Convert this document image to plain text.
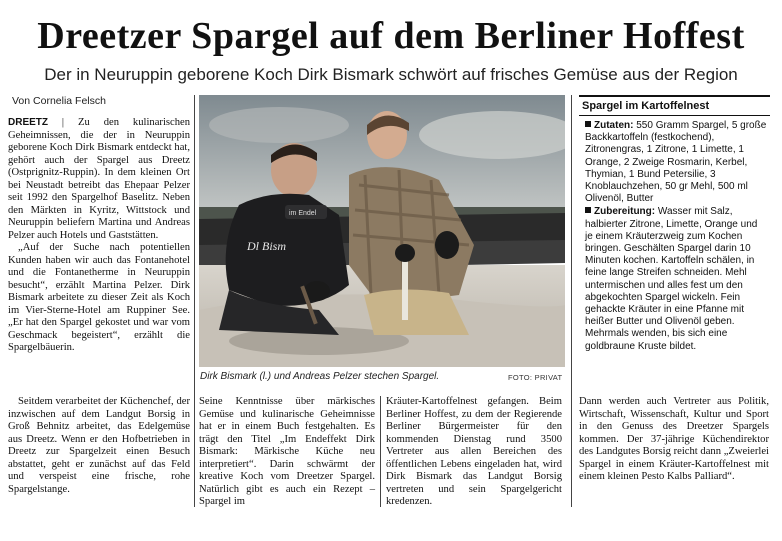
Dreetzer Spargel auf dem Berliner Hoffest
Der in Neuruppin geborene Koch Dirk Bismark schwört auf frisches Gemüse aus der Region
Von Cornelia Felsch

DREETZ | Zu den kulinarischen Geheimnissen, die der in Neuruppin geborene Koch Dirk Bismark entdeckt hat, gehört auch der Spargel aus Dreetz (Ostprignitz-Ruppin). In dem kleinen Ort bei Neustadt betreibt das Ehepaar Pelzer seit 1992 den Spargelhof Baselitz. Neben den Märkten in Kyritz, Wittstock und Neuruppin beliefern Martina und Andreas Pelzer auch Hotels und Gaststätten.

„Auf der Suche nach potentiellen Kunden haben wir auch das Fontanehotel und die Fontanetherme in Neuruppin besucht“, erzählt Martina Pelzer. Dirk Bismark arbeitete zu dieser Zeit als Koch im Vier-Sterne-Hotel am Ruppiner See. „Er hat den Spargel gekostet und war vom Geschmack begeistert“, erzählt die Spargelbäuerin.

Seitdem verarbeitet der Küchenchef, der inzwischen auf dem Landgut Borsig in Groß Behnitz arbeitet, das Edelgemüse aus Dreetz. Wenn er den Hofbetrieben in Dreetz zur Spargelzeit einen Besuch abstattet, geht er zunächst auf das Feld und verspeist eine frische, rohe Spargelstange.

im Endel
Dl Bism
Dirk Bismark (l.) und Andreas Pelzer stechen Spargel.	FOTO: PRIVAT

Seine Kenntnisse über märkisches Gemüse und kulinarische Geheimnisse hat er in einem Buch festgehalten. Es trägt den Titel „Im Endeffekt Dirk Bismark: Märkische Küche neu interpretiert“. Darin schwärmt der kreative Koch vom Dreetzer Spargel. Natürlich gibt es auch ein Rezept – Spargel im

Kräuter-Kartoffelnest gefangen. Beim Berliner Hoffest, zu dem der Regierende Berliner Bürgermeister für den kommenden Dienstag rund 3500 Vertreter aus allen Bereichen des öffentlichen Lebens eingeladen hat, wird Dirk Bismark das Landgut Borsig vertreten und sein Spargelgericht kredenzen.

Spargel im Kartoffelnest

Zutaten: 550 Gramm Spargel, 5 große Backkartoffeln (festkochend), Zitronengras, 1 Zitrone, 1 Limette, 1 Orange, 2 Zweige Rosmarin, Kerbel, Thymian, 1 Bund Petersilie, 3 Knoblauchzehen, 50 gr Mehl, 500 ml Olivenöl, Butter

Zubereitung: Wasser mit Salz, halbierter Zitrone, Limette, Orange und je einem Kräuterzweig zum Kochen bringen. Geschälten Spargel darin 10 Minuten kochen. Kartoffeln schälen, in feine lange Streifen schneiden. Mehl untermischen und alles fest um den abgekochten Spargel wickeln. Fein gehackte Kräuter in eine Pfanne mit heißer Butter und Olivenöl geben. Mehrmals wenden, bis sich eine goldbraune Kruste bildet.

Dann werden auch Vertreter aus Politik, Wirtschaft, Wissenschaft, Kultur und Sport in den Genuss des Dreetzer Spargels kommen. Der 37-jährige Küchendirektor des Landgutes Borsig reicht dann „Zweierlei Spargel in einem Kräuter-Kartoffelnest mit einem kleinen Pesto Kalbs Palliard“.
